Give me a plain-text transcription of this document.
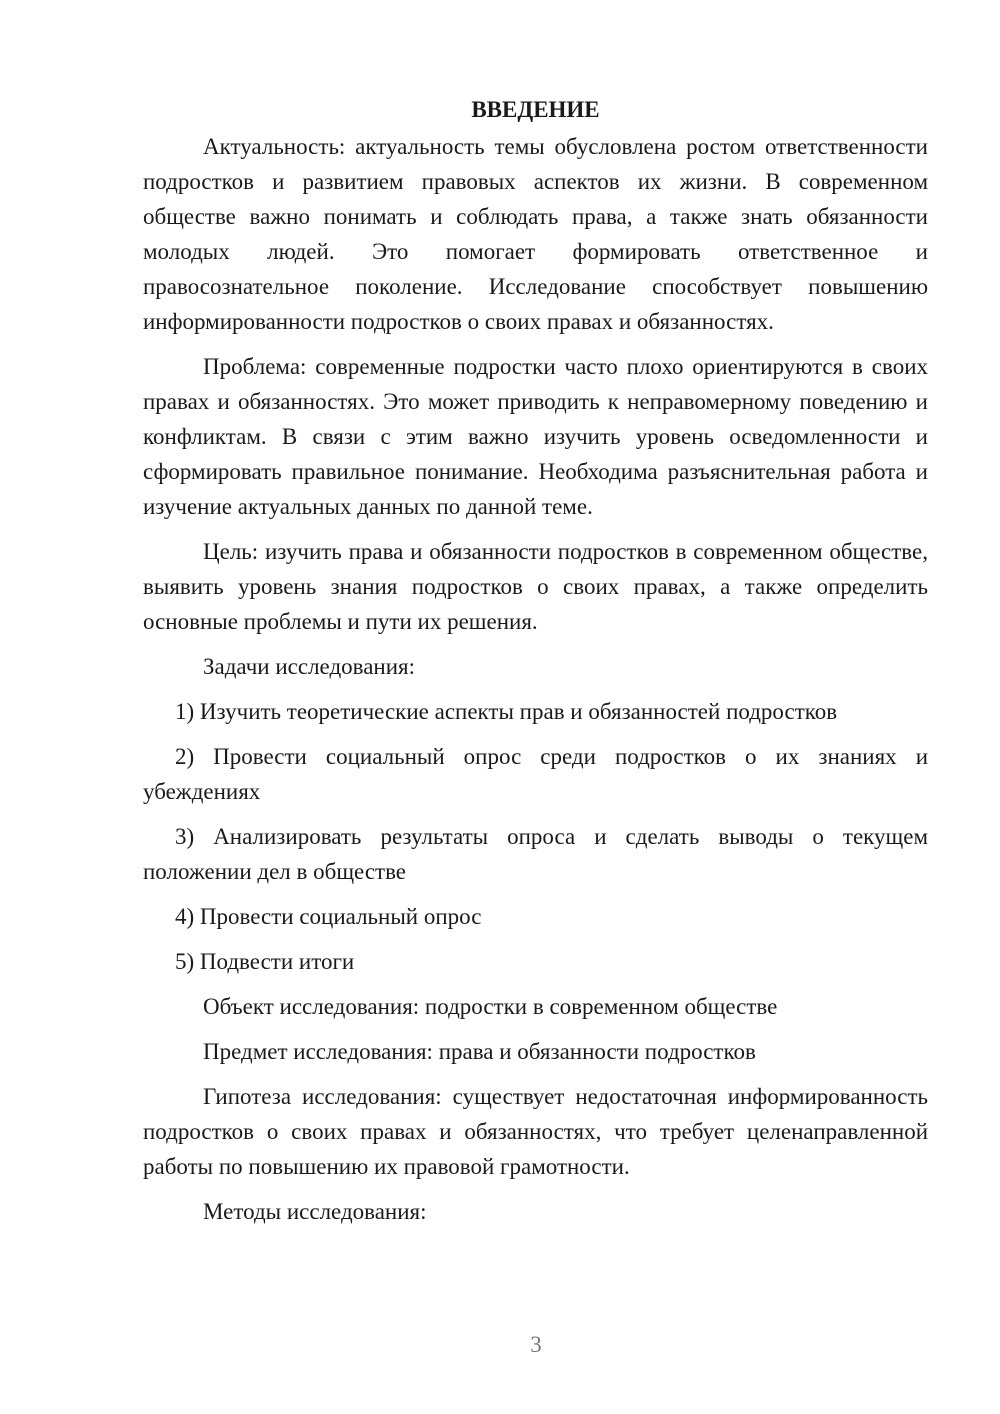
ВВЕДЕНИЕ

Актуальность: актуальность темы обусловлена ростом ответственности подростков и развитием правовых аспектов их жизни. В современном обществе важно понимать и соблюдать права, а также знать обязанности молодых людей. Это помогает формировать ответственное и правосознательное поколение. Исследование способствует повышению информированности подростков о своих правах и обязанностях.

Проблема: современные подростки часто плохо ориентируются в своих правах и обязанностях. Это может приводить к неправомерному поведению и конфликтам. В связи с этим важно изучить уровень осведомленности и сформировать правильное понимание. Необходима разъяснительная работа и изучение актуальных данных по данной теме.

Цель: изучить права и обязанности подростков в современном обществе, выявить уровень знания подростков о своих правах, а также определить основные проблемы и пути их решения.

Задачи исследования:

1) Изучить теоретические аспекты прав и обязанностей подростков

2) Провести социальный опрос среди подростков о их знаниях и убеждениях

3) Анализировать результаты опроса и сделать выводы о текущем положении дел в обществе

4) Провести социальный опрос

5) Подвести итоги

Объект исследования: подростки в современном обществе

Предмет исследования: права и обязанности подростков

Гипотеза исследования: существует недостаточная информированность подростков о своих правах и обязанностях, что требует целенаправленной работы по повышению их правовой грамотности.

Методы исследования:

3
